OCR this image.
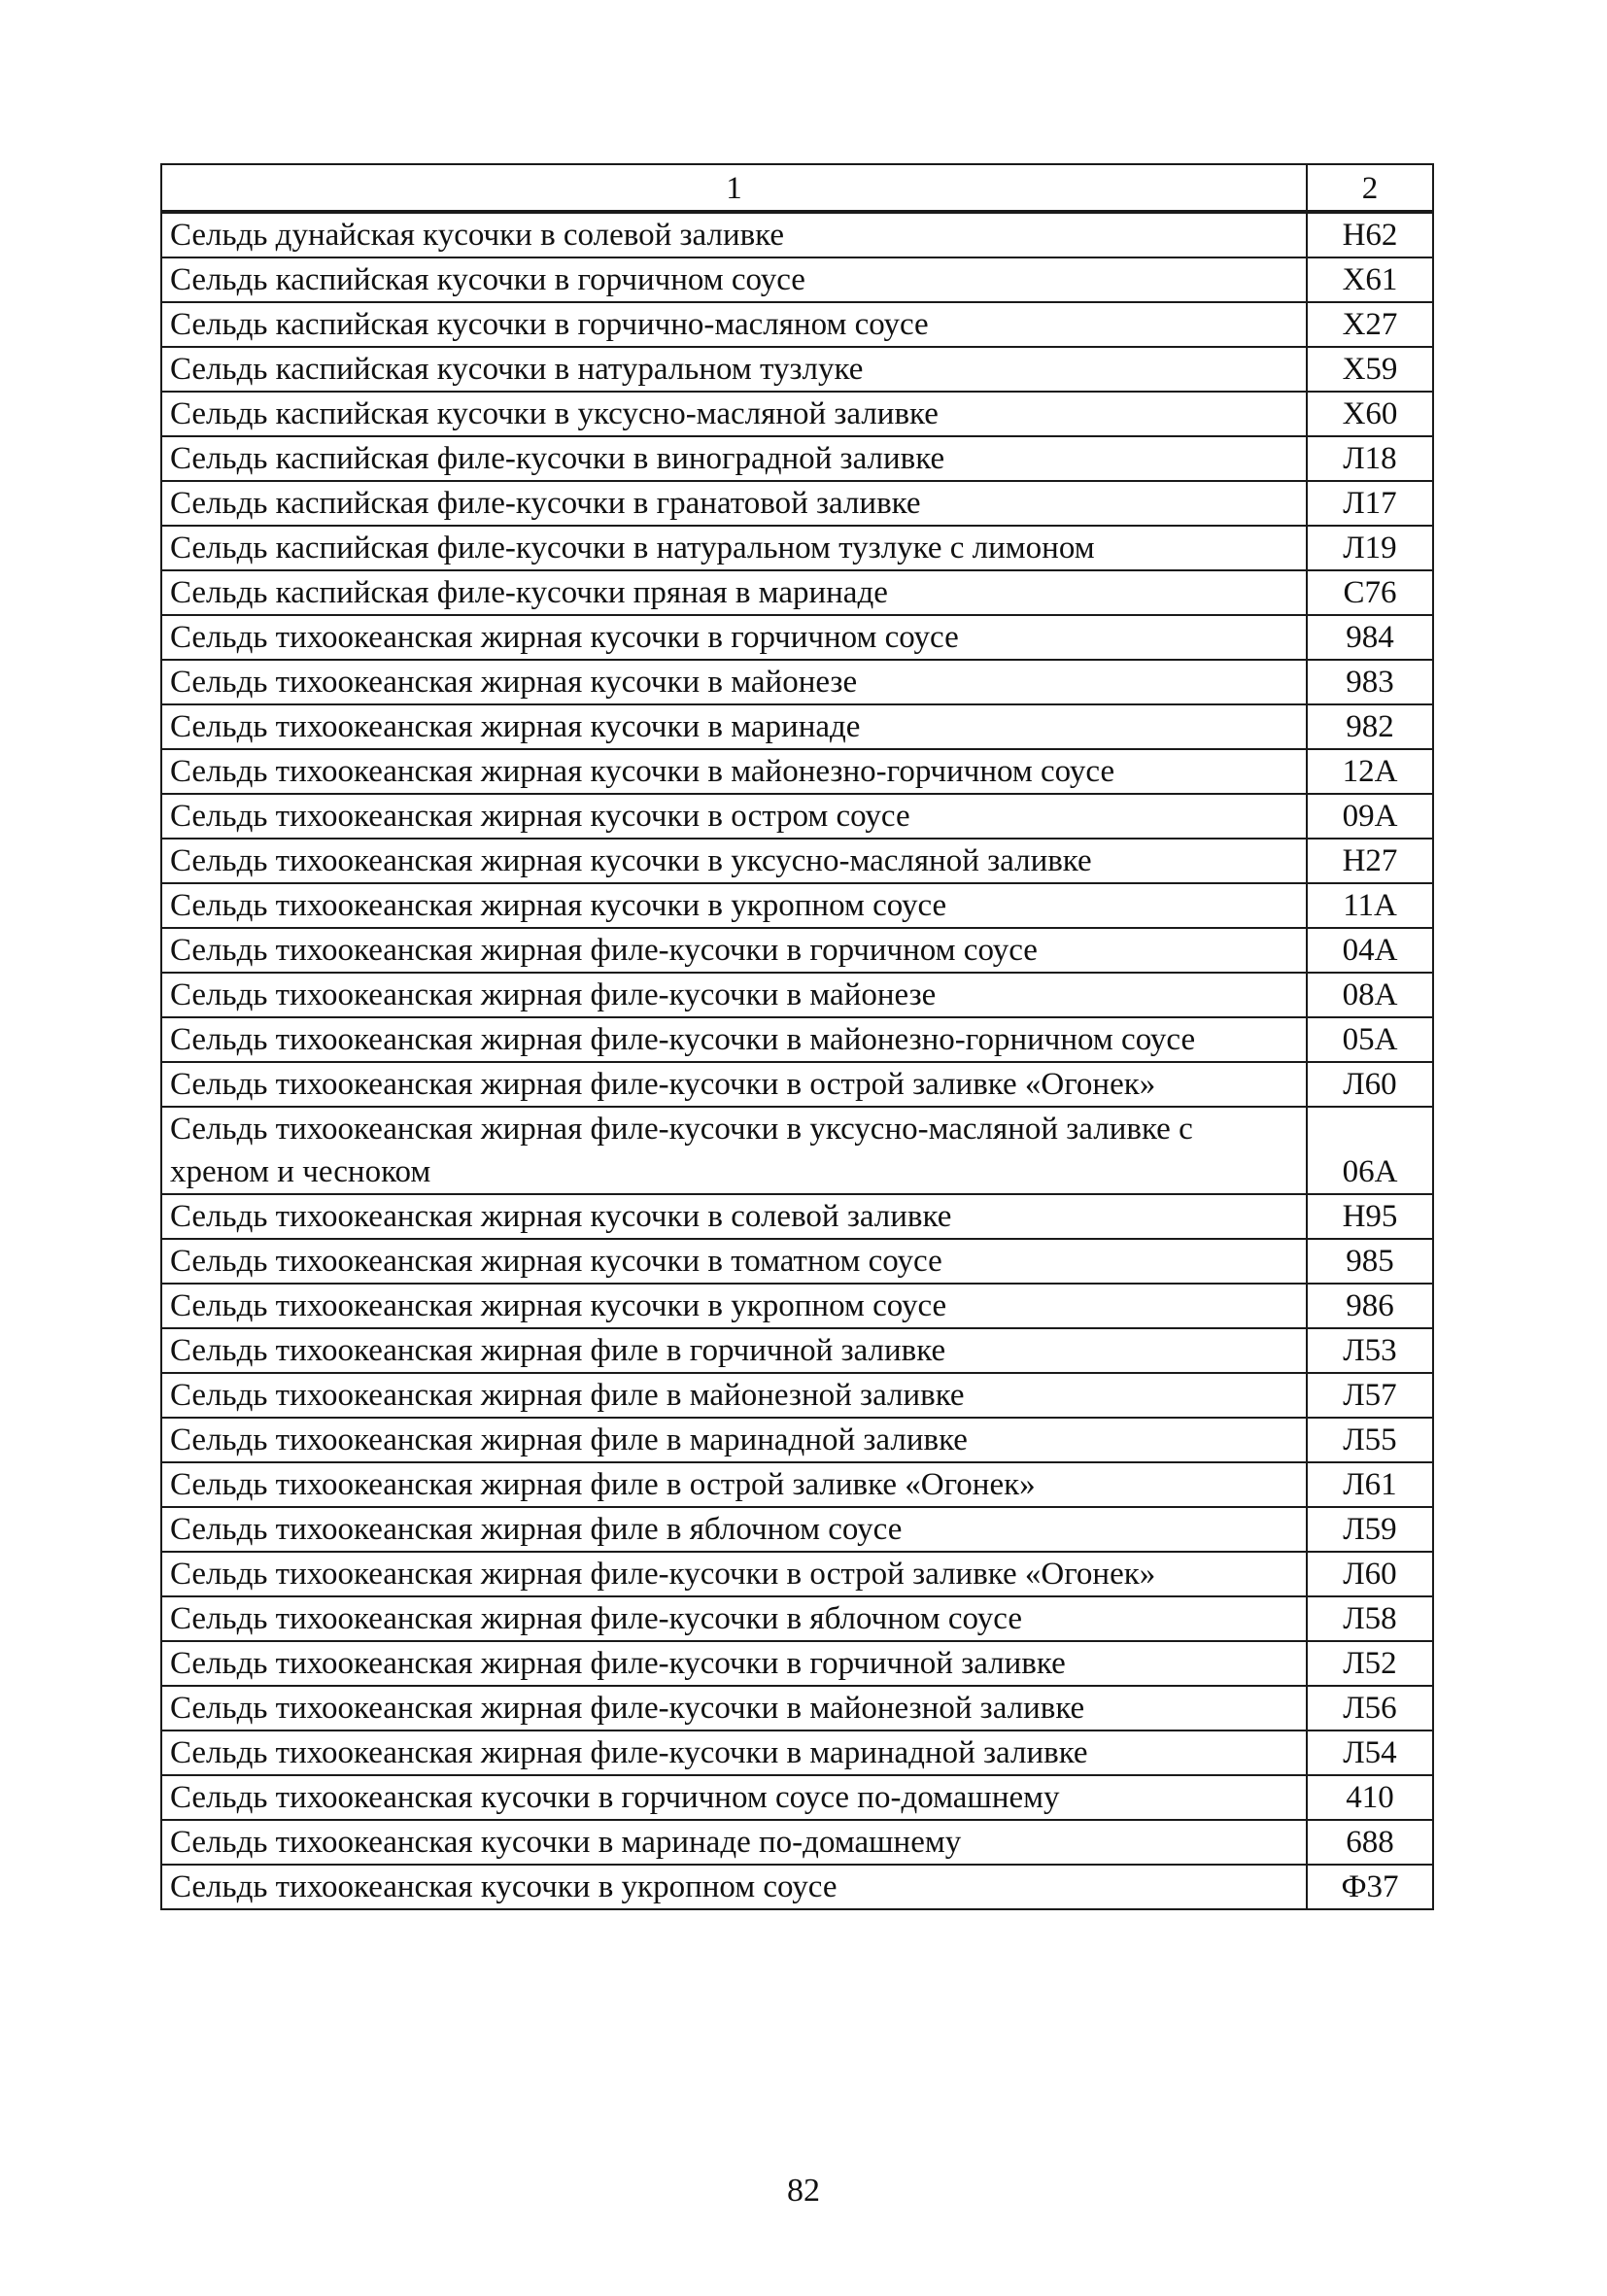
1	2
Сельдь дунайская кусочки в солевой заливке	Н62
Сельдь каспийская кусочки в горчичном соусе	Х61
Сельдь каспийская кусочки в горчично-масляном соусе	Х27
Сельдь каспийская кусочки в натуральном тузлуке	Х59
Сельдь каспийская кусочки в уксусно-масляной заливке	Х60
Сельдь каспийская филе-кусочки в виноградной заливке	Л18
Сельдь каспийская филе-кусочки в гранатовой заливке	Л17
Сельдь каспийская филе-кусочки в натуральном тузлуке с лимоном	Л19
Сельдь каспийская филе-кусочки пряная в маринаде	С76
Сельдь тихоокеанская жирная кусочки в горчичном соусе	984
Сельдь тихоокеанская жирная кусочки в майонезе	983
Сельдь тихоокеанская жирная кусочки в маринаде	982
Сельдь тихоокеанская жирная кусочки в майонезно-горчичном соусе	12А
Сельдь тихоокеанская жирная кусочки в остром соусе	09А
Сельдь тихоокеанская жирная кусочки в уксусно-масляной заливке	Н27
Сельдь тихоокеанская жирная кусочки в укропном соусе	11А
Сельдь тихоокеанская жирная филе-кусочки в горчичном соусе	04А
Сельдь тихоокеанская жирная филе-кусочки в майонезе	08А
Сельдь тихоокеанская жирная филе-кусочки в майонезно-горничном соусе	05А
Сельдь тихоокеанская жирная филе-кусочки в острой заливке «Огонек»	Л60
Сельдь тихоокеанская жирная филе-кусочки в уксусно-масляной заливке с хреном и чесноком	06А
Сельдь тихоокеанская жирная кусочки в солевой заливке	Н95
Сельдь тихоокеанская жирная кусочки в томатном соусе	985
Сельдь тихоокеанская жирная кусочки в укропном соусе	986
Сельдь тихоокеанская жирная филе в горчичной заливке	Л53
Сельдь тихоокеанская жирная филе в майонезной заливке	Л57
Сельдь тихоокеанская жирная филе в маринадной заливке	Л55
Сельдь тихоокеанская жирная филе в острой заливке «Огонек»	Л61
Сельдь тихоокеанская жирная филе в яблочном соусе	Л59
Сельдь тихоокеанская жирная филе-кусочки в острой заливке «Огонек»	Л60
Сельдь тихоокеанская жирная филе-кусочки в яблочном соусе	Л58
Сельдь тихоокеанская жирная филе-кусочки в горчичной заливке	Л52
Сельдь тихоокеанская жирная филе-кусочки в майонезной заливке	Л56
Сельдь тихоокеанская жирная филе-кусочки в маринадной заливке	Л54
Сельдь тихоокеанская кусочки в горчичном соусе по-домашнему	410
Сельдь тихоокеанская кусочки в маринаде по-домашнему	688
Сельдь тихоокеанская кусочки в укропном соусе	Ф37
82
